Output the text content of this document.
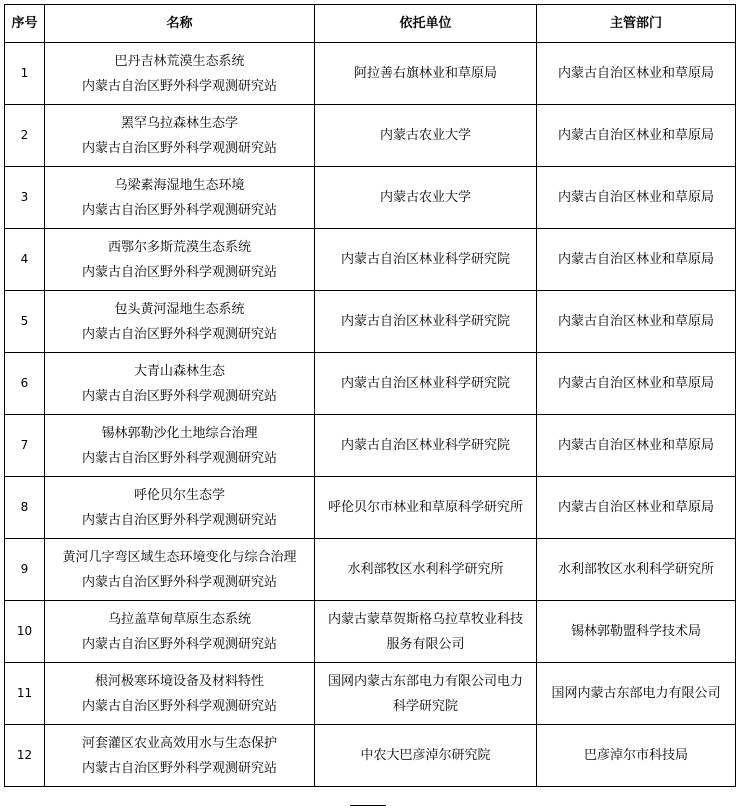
序号	名称	依托单位	主管部门
1	巴丹吉林荒漠生态系统
内蒙古自治区野外科学观测研究站	阿拉善右旗林业和草原局	内蒙古自治区林业和草原局
2	罴罕乌拉森林生态学
内蒙古自治区野外科学观测研究站	内蒙古农业大学	内蒙古自治区林业和草原局
3	乌梁素海湿地生态环境
内蒙古自治区野外科学观测研究站	内蒙古农业大学	内蒙古自治区林业和草原局
4	西鄂尔多斯荒漠生态系统
内蒙古自治区野外科学观测研究站	内蒙古自治区林业科学研究院	内蒙古自治区林业和草原局
5	包头黄河湿地生态系统
内蒙古自治区野外科学观测研究站	内蒙古自治区林业科学研究院	内蒙古自治区林业和草原局
6	大青山森林生态
内蒙古自治区野外科学观测研究站	内蒙古自治区林业科学研究院	内蒙古自治区林业和草原局
7	锡林郭勒沙化土地综合治理
内蒙古自治区野外科学观测研究站	内蒙古自治区林业科学研究院	内蒙古自治区林业和草原局
8	呼伦贝尔生态学
内蒙古自治区野外科学观测研究站	呼伦贝尔市林业和草原科学研究所	内蒙古自治区林业和草原局
9	黄河几字弯区域生态环境变化与综合治理
内蒙古自治区野外科学观测研究站	水利部牧区水利科学研究所	水利部牧区水利科学研究所
10	乌拉盖草甸草原生态系统
内蒙古自治区野外科学观测研究站	内蒙古蒙草贺斯格乌拉草牧业科技
服务有限公司	锡林郭勒盟科学技术局
11	根河极寒环境设备及材料特性
内蒙古自治区野外科学观测研究站	国网内蒙古东部电力有限公司电力
科学研究院	国网内蒙古东部电力有限公司
12	河套灌区农业高效用水与生态保护
内蒙古自治区野外科学观测研究站	中农大巴彦淖尔研究院	巴彦淖尔市科技局
